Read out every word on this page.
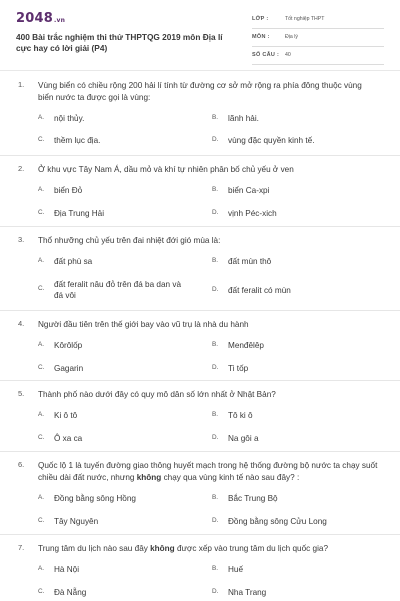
2048.vn
400 Bài trắc nghiệm thi thử THPTQG 2019 môn Địa lí cực hay có lời giải (P4)
LỚP :	Tốt nghiệp THPT
MÔN :	Địa lý
SỐ CÂU : 40
1. Vùng biển có chiều rộng 200 hải lí tính từ đường cơ sở mở rộng ra phía đông thuộc vùng biển nước ta được gọi là vùng:
A. nội thủy.	B. lãnh hải.
C. thềm lục địa.	D. vùng đặc quyền kinh tế.
2. Ở khu vực Tây Nam Á, dầu mỏ và khí tự nhiên phân bố chủ yếu ở ven
A. biển Đỏ	B. biển Ca-xpi
C. Địa Trung Hải	D. vịnh Péc-xich
3. Thổ nhưỡng chủ yếu trên đai nhiệt đới gió mùa là:
A. đất phù sa	B. đất mùn thô
C. đất feralit nâu đỏ trên đá ba dan và đá vôi
D. đất feralit có mùn
4. Người đầu tiên trên thế giới bay vào vũ trụ là nhà du hành
A. Kôrôlốp	B. Menđêlêp
C. Gagarin	D. Ti tốp
5. Thành phố nào dưới đây có quy mô dân số lớn nhất ở Nhật Bản?
A. Ki ô tô	B. Tô ki ô
C. Ô xa ca	D. Na gôi a
6. Quốc lộ 1 là tuyến đường giao thông huyết mạch trong hệ thống đường bộ nước ta chạy suốt chiều dài đất nước, nhưng không chạy qua vùng kinh tế nào sau đây? :
A. Đồng bằng sông Hồng	B. Bắc Trung Bộ
C. Tây Nguyên	D. Đồng bằng sông Cửu Long
7. Trung tâm du lịch nào sau đây không được xếp vào trung tâm du lịch quốc gia?
A. Hà Nội	B. Huế
C. Đà Nẵng	D. Nha Trang
